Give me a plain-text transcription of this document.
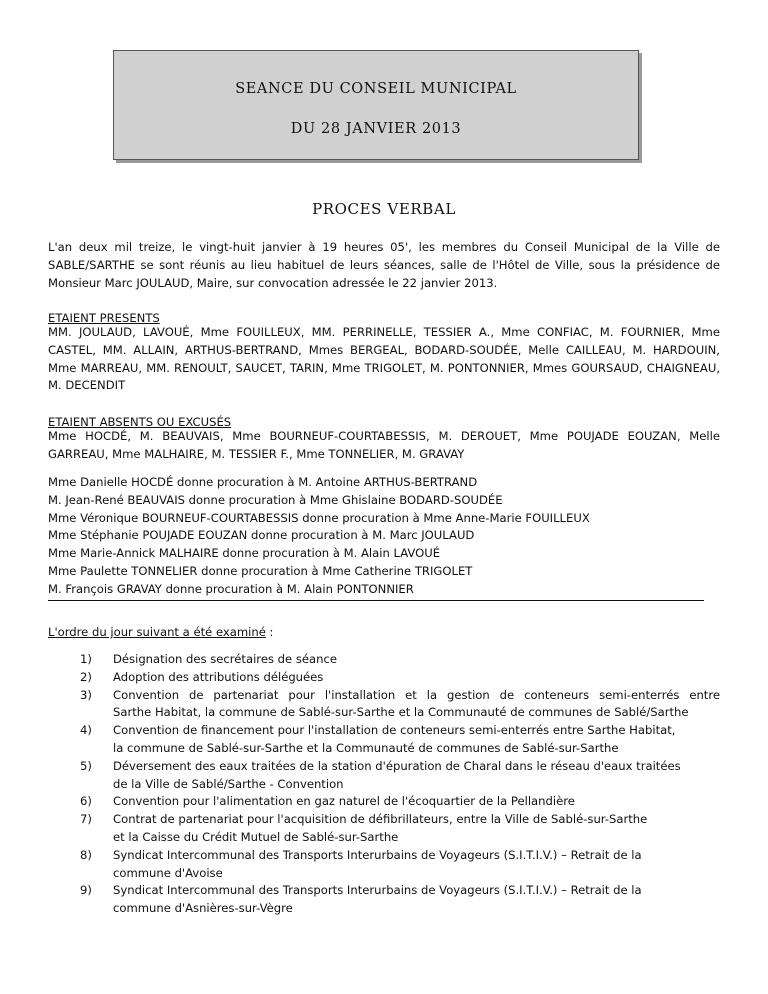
SEANCE DU CONSEIL MUNICIPAL
DU 28 JANVIER 2013
PROCES VERBAL

L'an deux mil treize, le vingt-huit janvier à 19 heures 05', les membres du Conseil Municipal de la Ville de SABLE/SARTHE se sont réunis au lieu habituel de leurs séances, salle de l'Hôtel de Ville, sous la présidence de Monsieur Marc JOULAUD, Maire, sur convocation adressée le 22 janvier 2013.

ETAIENT PRESENTS

MM. JOULAUD, LAVOUÉ, Mme FOUILLEUX, MM. PERRINELLE, TESSIER A., Mme CONFIAC, M. FOURNIER, Mme CASTEL, MM. ALLAIN, ARTHUS-BERTRAND, Mmes BERGEAL, BODARD-SOUDÉE, Melle CAILLEAU, M. HARDOUIN, Mme MARREAU, MM. RENOULT, SAUCET, TARIN, Mme TRIGOLET, M. PONTONNIER, Mmes GOURSAUD, CHAIGNEAU, M. DECENDIT

ETAIENT ABSENTS OU EXCUSÉS

Mme HOCDÉ, M. BEAUVAIS, Mme BOURNEUF-COURTABESSIS, M. DEROUET, Mme POUJADE EOUZAN, Melle GARREAU, Mme MALHAIRE, M. TESSIER F., Mme TONNELIER, M. GRAVAY

Mme Danielle HOCDÉ donne procuration à M. Antoine ARTHUS-BERTRAND
M. Jean-René BEAUVAIS donne procuration à Mme Ghislaine BODARD-SOUDÉE
Mme Véronique BOURNEUF-COURTABESSIS donne procuration à Mme Anne-Marie FOUILLEUX
Mme Stéphanie POUJADE EOUZAN donne procuration à M. Marc JOULAUD
Mme Marie-Annick MALHAIRE donne procuration à M. Alain LAVOUÉ
Mme Paulette TONNELIER donne procuration à Mme Catherine TRIGOLET
M. François GRAVAY donne procuration à M. Alain PONTONNIER

L'ordre du jour suivant a été examiné :

1)	Désignation des secrétaires de séance
2)	Adoption des attributions déléguées
3)	Convention de partenariat pour l'installation et la gestion de conteneurs semi-enterrés entre
Sarthe Habitat, la commune de Sablé-sur-Sarthe et la Communauté de communes de Sablé/Sarthe
4)	Convention de financement pour l'installation de conteneurs semi-enterrés entre Sarthe Habitat,
la commune de Sablé-sur-Sarthe et la Communauté de communes de Sablé-sur-Sarthe
5)	Déversement des eaux traitées de la station d'épuration de Charal dans le réseau d'eaux traitées
de la Ville de Sablé/Sarthe - Convention
6)	Convention pour l'alimentation en gaz naturel de l'écoquartier de la Pellandière
7)	Contrat de partenariat pour l'acquisition de défibrillateurs, entre la Ville de Sablé-sur-Sarthe
et la Caisse du Crédit Mutuel de Sablé-sur-Sarthe
8)	Syndicat Intercommunal des Transports Interurbains de Voyageurs (S.I.T.I.V.) – Retrait de la
commune d'Avoise
9)	Syndicat Intercommunal des Transports Interurbains de Voyageurs (S.I.T.I.V.) – Retrait de la
commune d'Asnières-sur-Vègre
